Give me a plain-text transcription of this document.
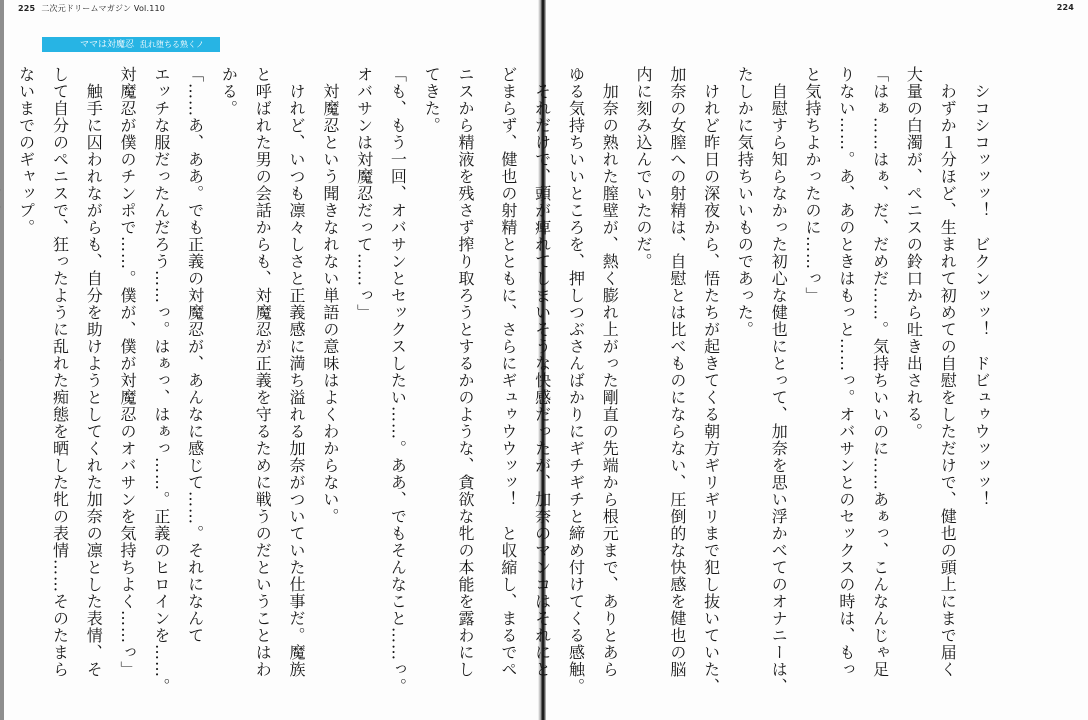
225 二次元ドリームマガジン Vol.110
ママは対魔忍 乱れ堕ちる熟くノ
ニスから精液を残さず搾り取ろうとするかのような、貪欲な牝の本能を露わにし
てきた。
「も、もう一回、オバサンとセックスしたい……。ああ、でもそんなこと……っ。
オバサンは対魔忍だって……っ」
　対魔忍という聞きなれない単語の意味はよくわからない。
　けれど、いつも凛々しさと正義感に満ち溢れる加奈がついていた仕事だ。魔族
と呼ばれた男の会話からも、対魔忍が正義を守るために戦うのだということはわ
かる。
「……あ、ああ。でも正義の対魔忍が、あんなに感じて……。それになんて
エッチな服だったんだろう……っ。はぁっ、はぁっ……。正義のヒロインを……。
対魔忍が僕のチンポで……。僕が、僕が対魔忍のオバサンを気持ちよく……っ」
　触手に囚われながらも、自分を助けようとしてくれた加奈の凛とした表情、そ
して自分のペニスで、狂ったように乱れた痴態を晒した牝の表情……そのたまら
ないまでのギャップ。
224
　シコシコッッッ！　ビクンッッ！　ドビュゥウッッッ！
　わずか１分ほど、生まれて初めての自慰をしただけで、健也の頭上にまで届く
大量の白濁が、ペニスの鈴口から吐き出される。
「はぁ……はぁ、だ、だめだ……。気持ちいいのに……あぁっ、こんなんじゃ足
りない……。あ、あのときはもっと……っ。オバサンとのセックスの時は、もっ
と気持ちよかったのに……っ」
　自慰すら知らなかった初心な健也にとって、加奈を思い浮かべてのオナニーは、
たしかに気持ちいいものであった。
　けれど昨日の深夜から、悟たちが起きてくる朝方ギリギリまで犯し抜いていた、
加奈の女膣への射精は、自慰とは比べものにならない、圧倒的な快感を健也の脳
内に刻み込んでいたのだ。
　加奈の熟れた膣壁が、熱く膨れ上がった剛直の先端から根元まで、ありとあら
ゆる気持ちいいところを、押しつぶさんばかりにギチギチと締め付けてくる感触。
　それだけで、頭が痺れてしまいそうな快感だったが、加奈のマンコはそれにと
どまらず、健也の射精とともに、さらにギュゥウウッッ！　と収縮し、まるでペ
